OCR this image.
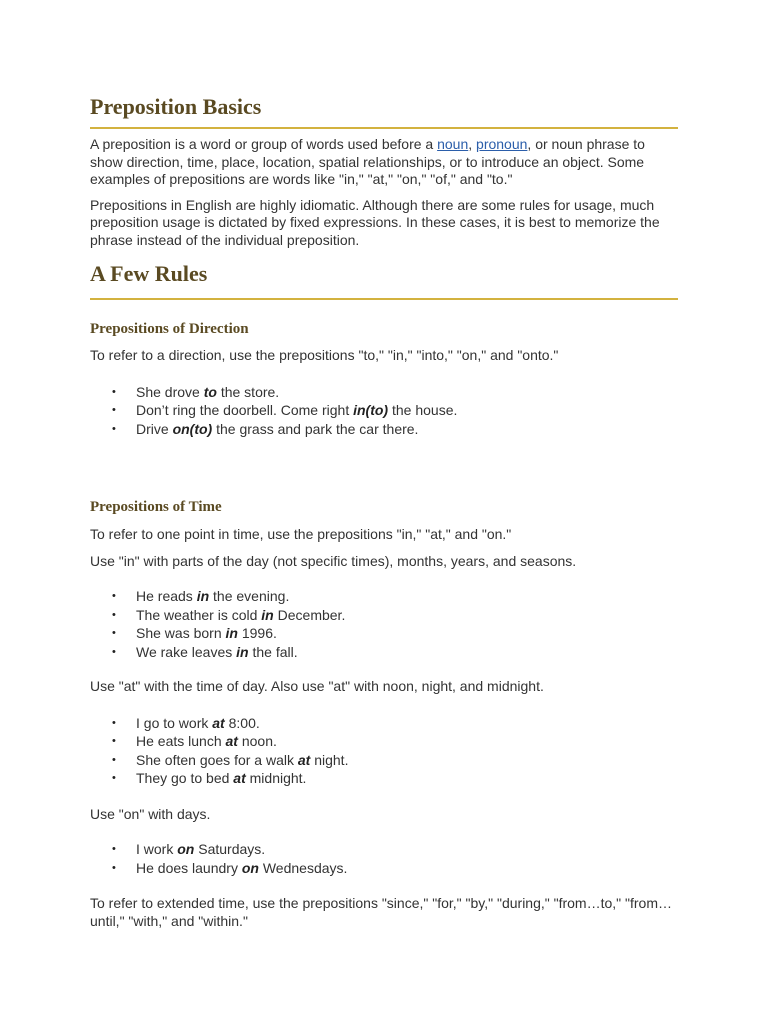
Preposition Basics

A preposition is a word or group of words used before a noun, pronoun, or noun phrase to show direction, time, place, location, spatial relationships, or to introduce an object. Some examples of prepositions are words like "in," "at," "on," "of," and "to."

Prepositions in English are highly idiomatic. Although there are some rules for usage, much preposition usage is dictated by fixed expressions. In these cases, it is best to memorize the phrase instead of the individual preposition.

A Few Rules
Prepositions of Direction

To refer to a direction, use the prepositions "to," "in," "into," "on," and "onto."

• She drove to the store.
• Don’t ring the doorbell. Come right in(to) the house.
• Drive on(to) the grass and park the car there.
Prepositions of Time

To refer to one point in time, use the prepositions "in," "at," and "on."

Use "in" with parts of the day (not specific times), months, years, and seasons.

• He reads in the evening.
• The weather is cold in December.
• She was born in 1996.
• We rake leaves in the fall.

Use "at" with the time of day. Also use "at" with noon, night, and midnight.

• I go to work at 8:00.
• He eats lunch at noon.
• She often goes for a walk at night.
• They go to bed at midnight.

Use "on" with days.

• I work on Saturdays.
• He does laundry on Wednesdays.

To refer to extended time, use the prepositions "since," "for," "by," "during," "from…to," "from…until," "with," and "within."
